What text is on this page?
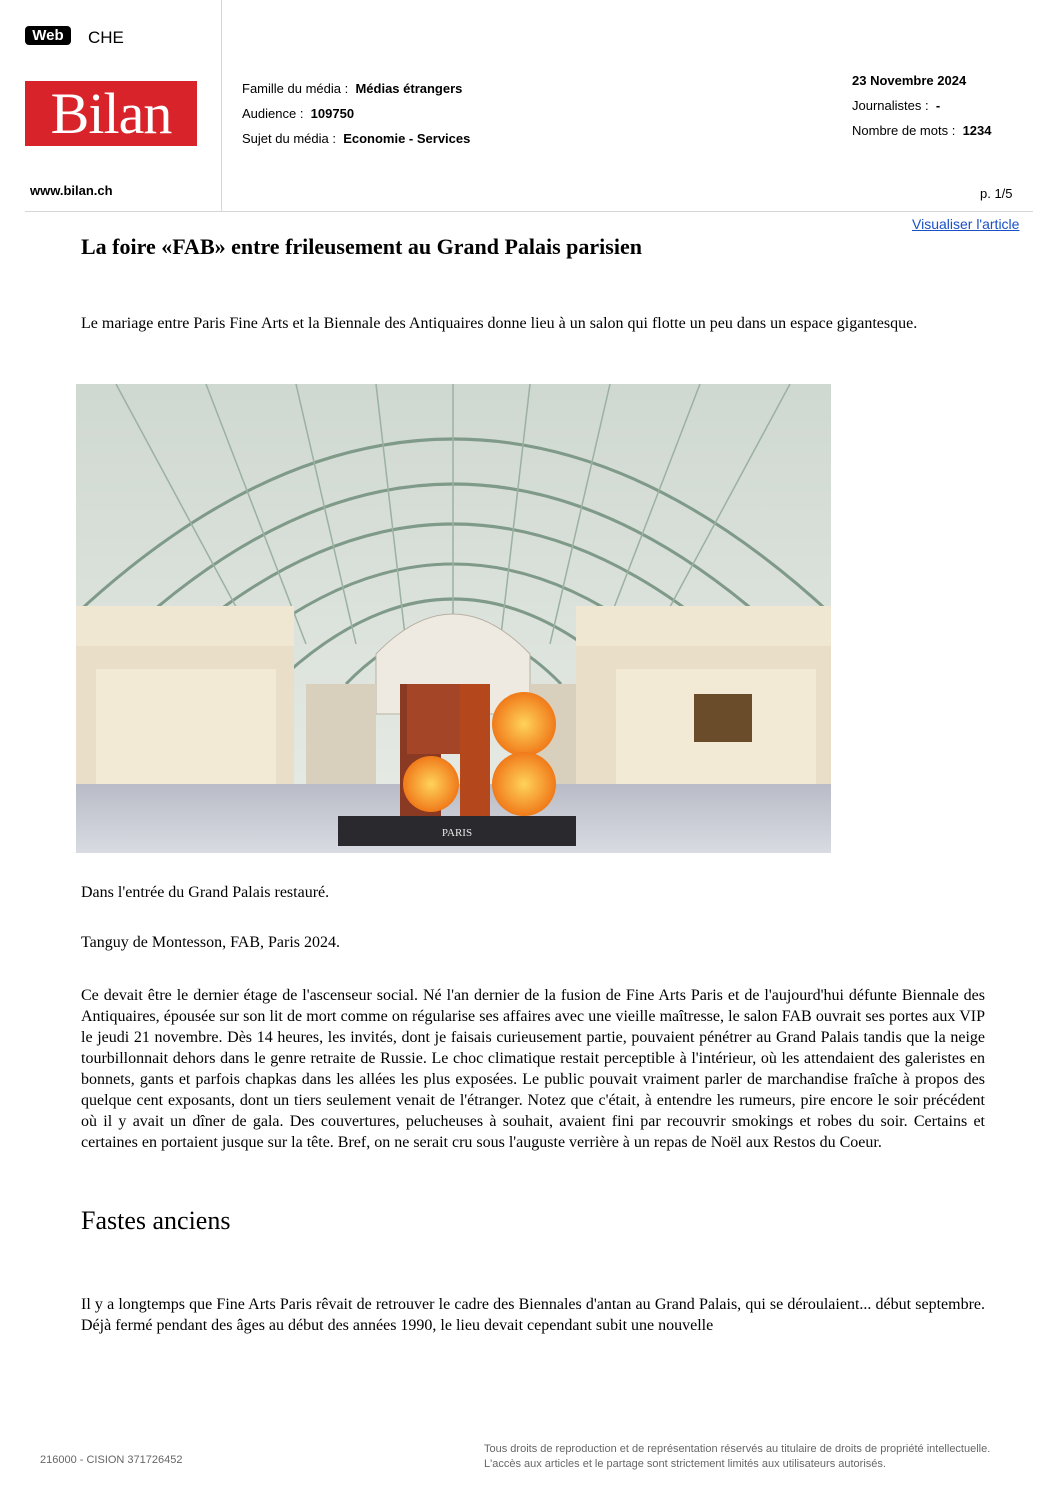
Web	CHE
Bilan
www.bilan.ch
Famille du média : Médias étrangers
Audience : 109750
Sujet du média : Economie - Services
23 Novembre 2024
Journalistes : -
Nombre de mots : 1234
p. 1/5
Visualiser l'article
La foire «FAB» entre frileusement au Grand Palais parisien

Le mariage entre Paris Fine Arts et la Biennale des Antiquaires donne lieu à un salon qui flotte un peu dans un espace gigantesque.

PARIS
Dans l'entrée du Grand Palais restauré.
Tanguy de Montesson, FAB, Paris 2024.

Ce devait être le dernier étage de l'ascenseur social. Né l'an dernier de la fusion de Fine Arts Paris et de l'aujourd'hui défunte Biennale des Antiquaires, épousée sur son lit de mort comme on régularise ses affaires avec une vieille maîtresse, le salon FAB ouvrait ses portes aux VIP le jeudi 21 novembre. Dès 14 heures, les invités, dont je faisais curieusement partie, pouvaient pénétrer au Grand Palais tandis que la neige tourbillonnait dehors dans le genre retraite de Russie. Le choc climatique restait perceptible à l'intérieur, où les attendaient des galeristes en bonnets, gants et parfois chapkas dans les allées les plus exposées. Le public pouvait vraiment parler de marchandise fraîche à propos des quelque cent exposants, dont un tiers seulement venait de l'étranger. Notez que c'était, à entendre les rumeurs, pire encore le soir précédent où il y avait un dîner de gala. Des couvertures, pelucheuses à souhait, avaient fini par recouvrir smokings et robes du soir. Certains et certaines en portaient jusque sur la tête. Bref, on ne serait cru sous l'auguste verrière à un repas de Noël aux Restos du Coeur.

Fastes anciens

Il y a longtemps que Fine Arts Paris rêvait de retrouver le cadre des Biennales d'antan au Grand Palais, qui se déroulaient... début septembre. Déjà fermé pendant des âges au début des années 1990, le lieu devait cependant subit une nouvelle

216000 - CISION 371726452
Tous droits de reproduction et de représentation réservés au titulaire de droits de propriété intellectuelle.
L'accès aux articles et le partage sont strictement limités aux utilisateurs autorisés.
